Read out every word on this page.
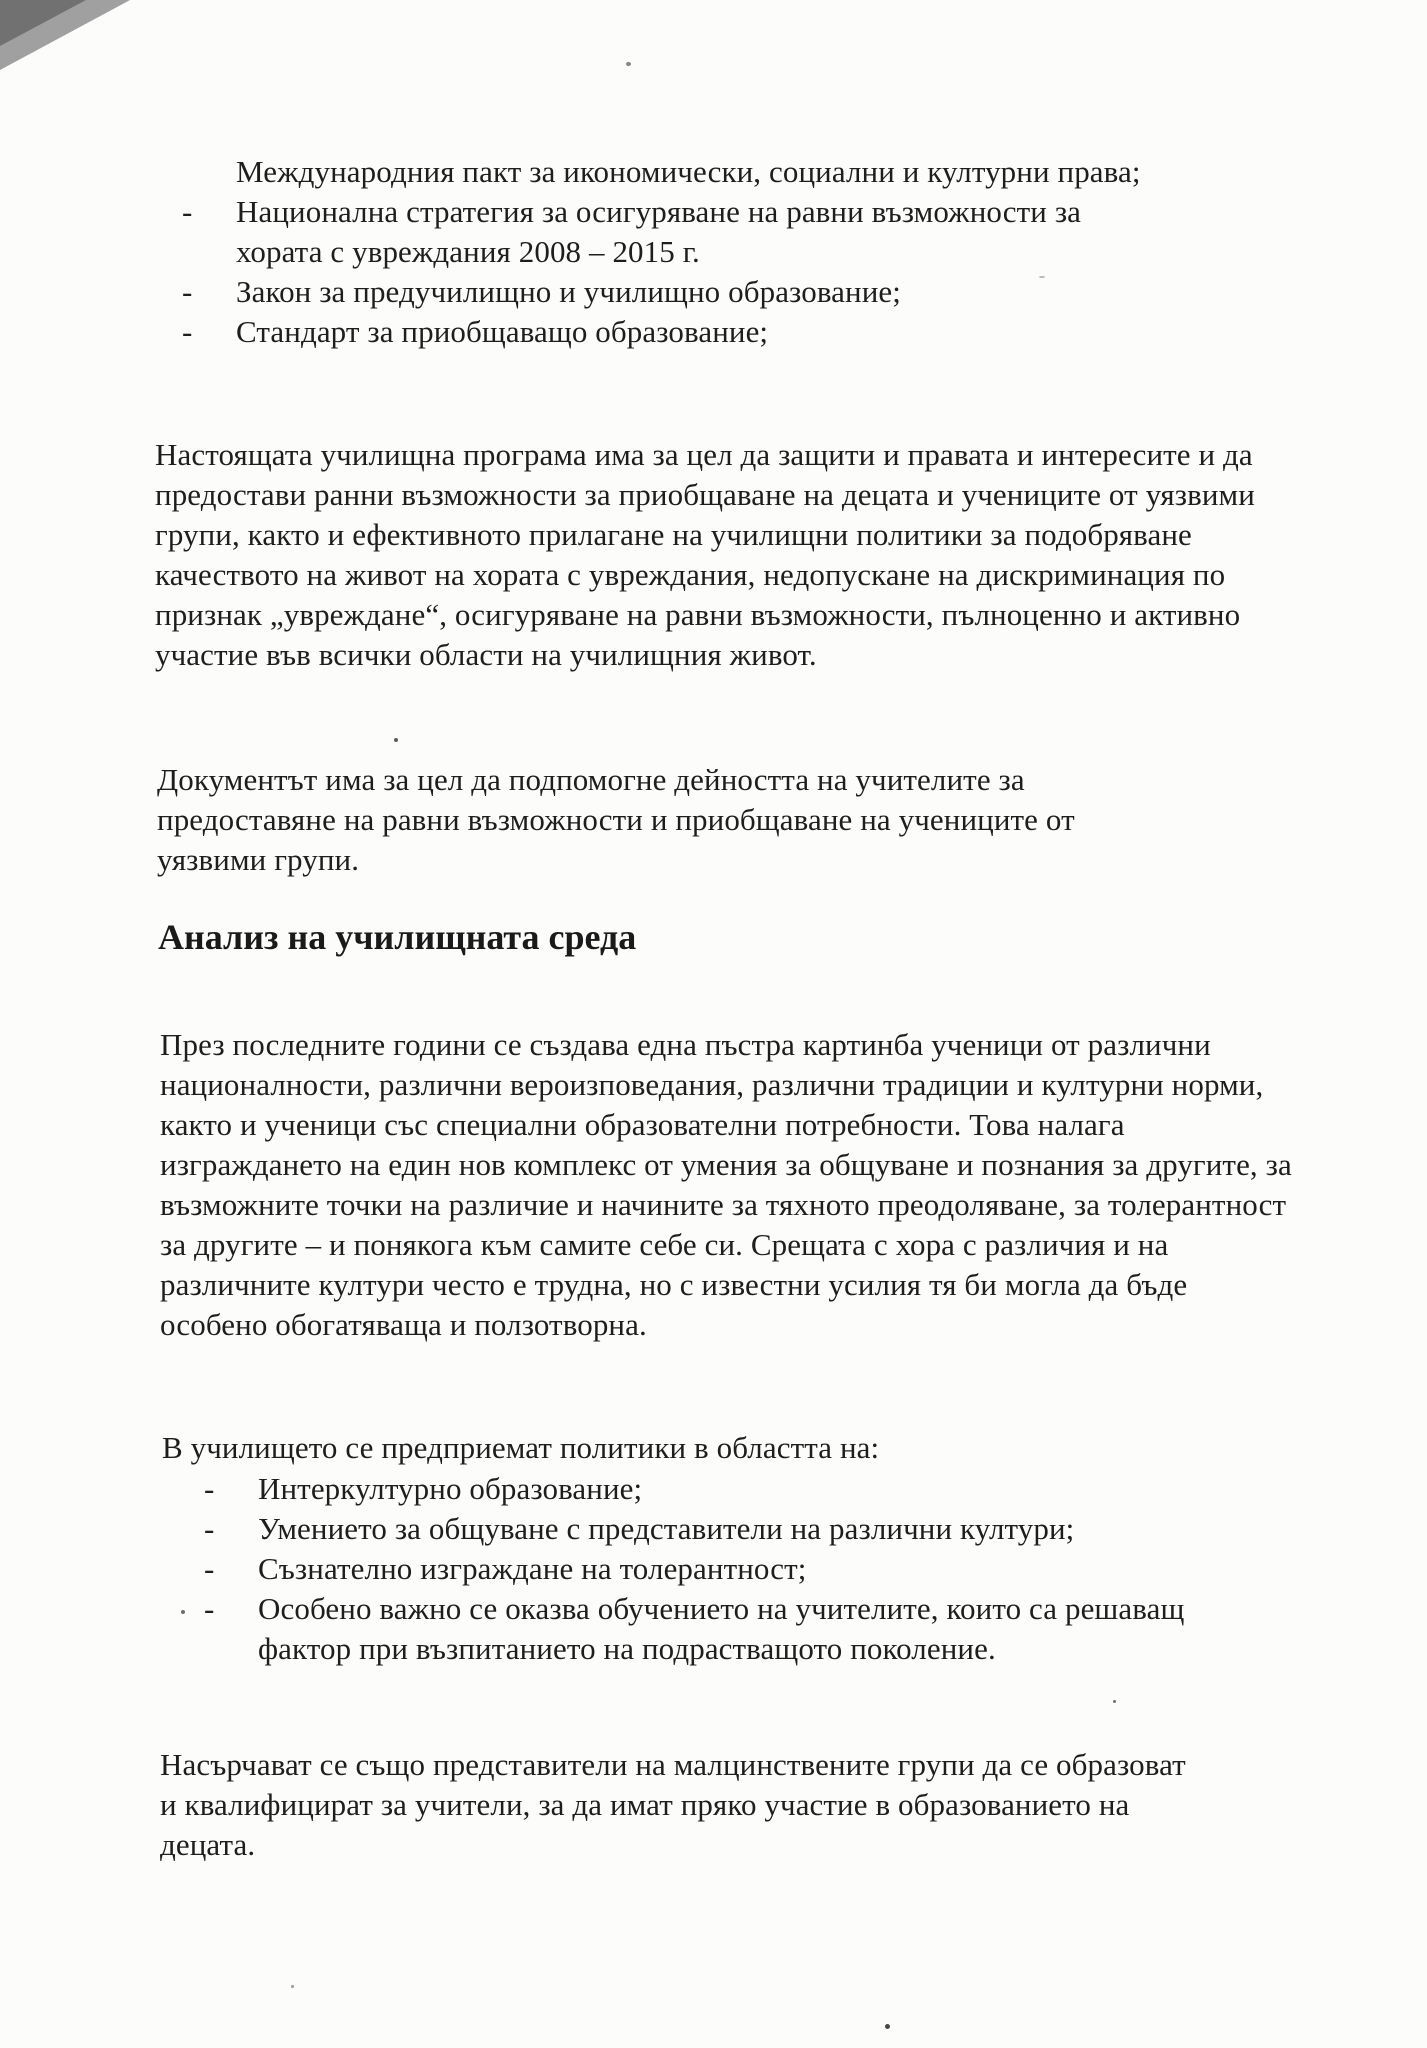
Международния пакт за икономически, социални и културни права;

- Национална стратегия за осигуряване на равни възможности за хората с увреждания 2008 – 2015 г.
- Закон за предучилищно и училищно образование;
- Стандарт за приобщаващо образование;

Настоящата училищна програма има за цел да защити и правата и интересите и да предостави ранни възможности за приобщаване на децата и учениците от уязвими групи, както и ефективното прилагане на училищни политики за подобряване качеството на живот на хората с увреждания, недопускане на дискриминация по признак „увреждане“, осигуряване на равни възможности, пълноценно и активно участие във всички области на училищния живот.

Документът има за цел да подпомогне дейността на учителите за предоставяне на равни възможности и приобщаване на учениците от уязвими групи.

Анализ на училищната среда

През последните години се създава една пъстра картинба ученици от различни националности, различни вероизповедания, различни традиции и културни норми, както и ученици със специални образователни потребности. Това налага изграждането на един нов комплекс от умения за общуване и познания за другите, за възможните точки на различие и начините за тяхното преодоляване, за толерантност за другите – и понякога към самите себе си. Срещата с хора с различия и на различните култури често е трудна, но с известни усилия тя би могла да бъде особено обогатяваща и ползотворна.

В училището се предприемат политики в областта на:

- Интеркултурно образование;
- Умението за общуване с представители на различни култури;
- Съзнателно изграждане на толерантност;
- Особено важно се оказва обучението на учителите, които са решаващ фактор при възпитанието на подрастващото поколение.

Насърчават се също представители на малцинствените групи да се образоват и квалифицират за учители, за да имат пряко участие в образованието на децата.
